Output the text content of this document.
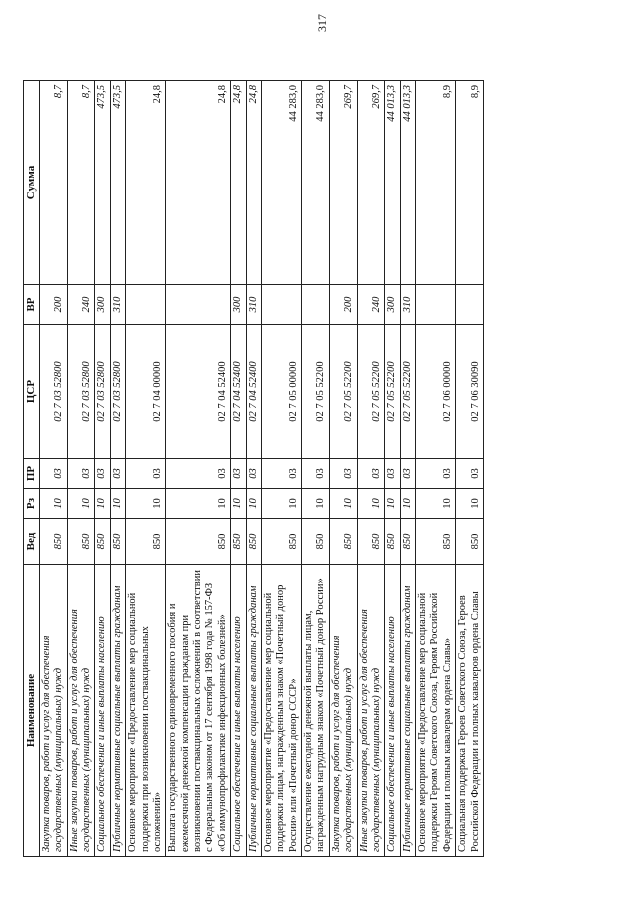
317
Наименование	Вед	Рз	ПР	ЦСР	ВР	Сумма
Закупка товаров, работ и услуг для обеспечения государственных (муниципальных) нужд	850	10	03	02 7 03 52800	200	8,7
Иные закупки товаров, работ и услуг для обеспечения государственных (муниципальных) нужд	850	10	03	02 7 03 52800	240	8,7
Социальное обеспечение и иные выплаты населению	850	10	03	02 7 03 52800	300	473,5
Публичные нормативные социальные выплаты гражданам	850	10	03	02 7 03 52800	310	473,5
Основное мероприятие «Предоставление мер социальной поддержки при возникновении поствакцинальных осложнений»	850	10	03	02 7 04 00000		24,8
Выплата государственного единовременного пособия и ежемесячной денежной компенсации гражданам при возникновении поствакцинальных осложнений в соответствии с Федеральным законом от 17 сентября 1998 года № 157-ФЗ «Об иммунопрофилактике инфекционных болезней»	850	10	03	02 7 04 52400		24,8
Социальное обеспечение и иные выплаты населению	850	10	03	02 7 04 52400	300	24,8
Публичные нормативные социальные выплаты гражданам	850	10	03	02 7 04 52400	310	24,8
Основное мероприятие «Предоставление мер социальной поддержки лицам, награжденным знаком «Почетный донор России» или «Почетный донор СССР»	850	10	03	02 7 05 00000		44 283,0
Осуществление ежегодной денежной выплаты лицам, награжденным нагрудным знаком «Почетный донор России»	850	10	03	02 7 05 52200		44 283,0
Закупка товаров, работ и услуг для обеспечения государственных (муниципальных) нужд	850	10	03	02 7 05 52200	200	269,7
Иные закупки товаров, работ и услуг для обеспечения государственных (муниципальных) нужд	850	10	03	02 7 05 52200	240	269,7
Социальное обеспечение и иные выплаты населению	850	10	03	02 7 05 52200	300	44 013,3
Публичные нормативные социальные выплаты гражданам	850	10	03	02 7 05 52200	310	44 013,3
Основное мероприятие «Предоставление мер социальной поддержки Героям Советского Союза, Героям Российской Федерации и полным кавалерам ордена Славы»	850	10	03	02 7 06 00000		8,9
Социальная поддержка Героев Советского Союза, Героев Российской Федерации и полных кавалеров ордена Славы	850	10	03	02 7 06 30090		8,9
